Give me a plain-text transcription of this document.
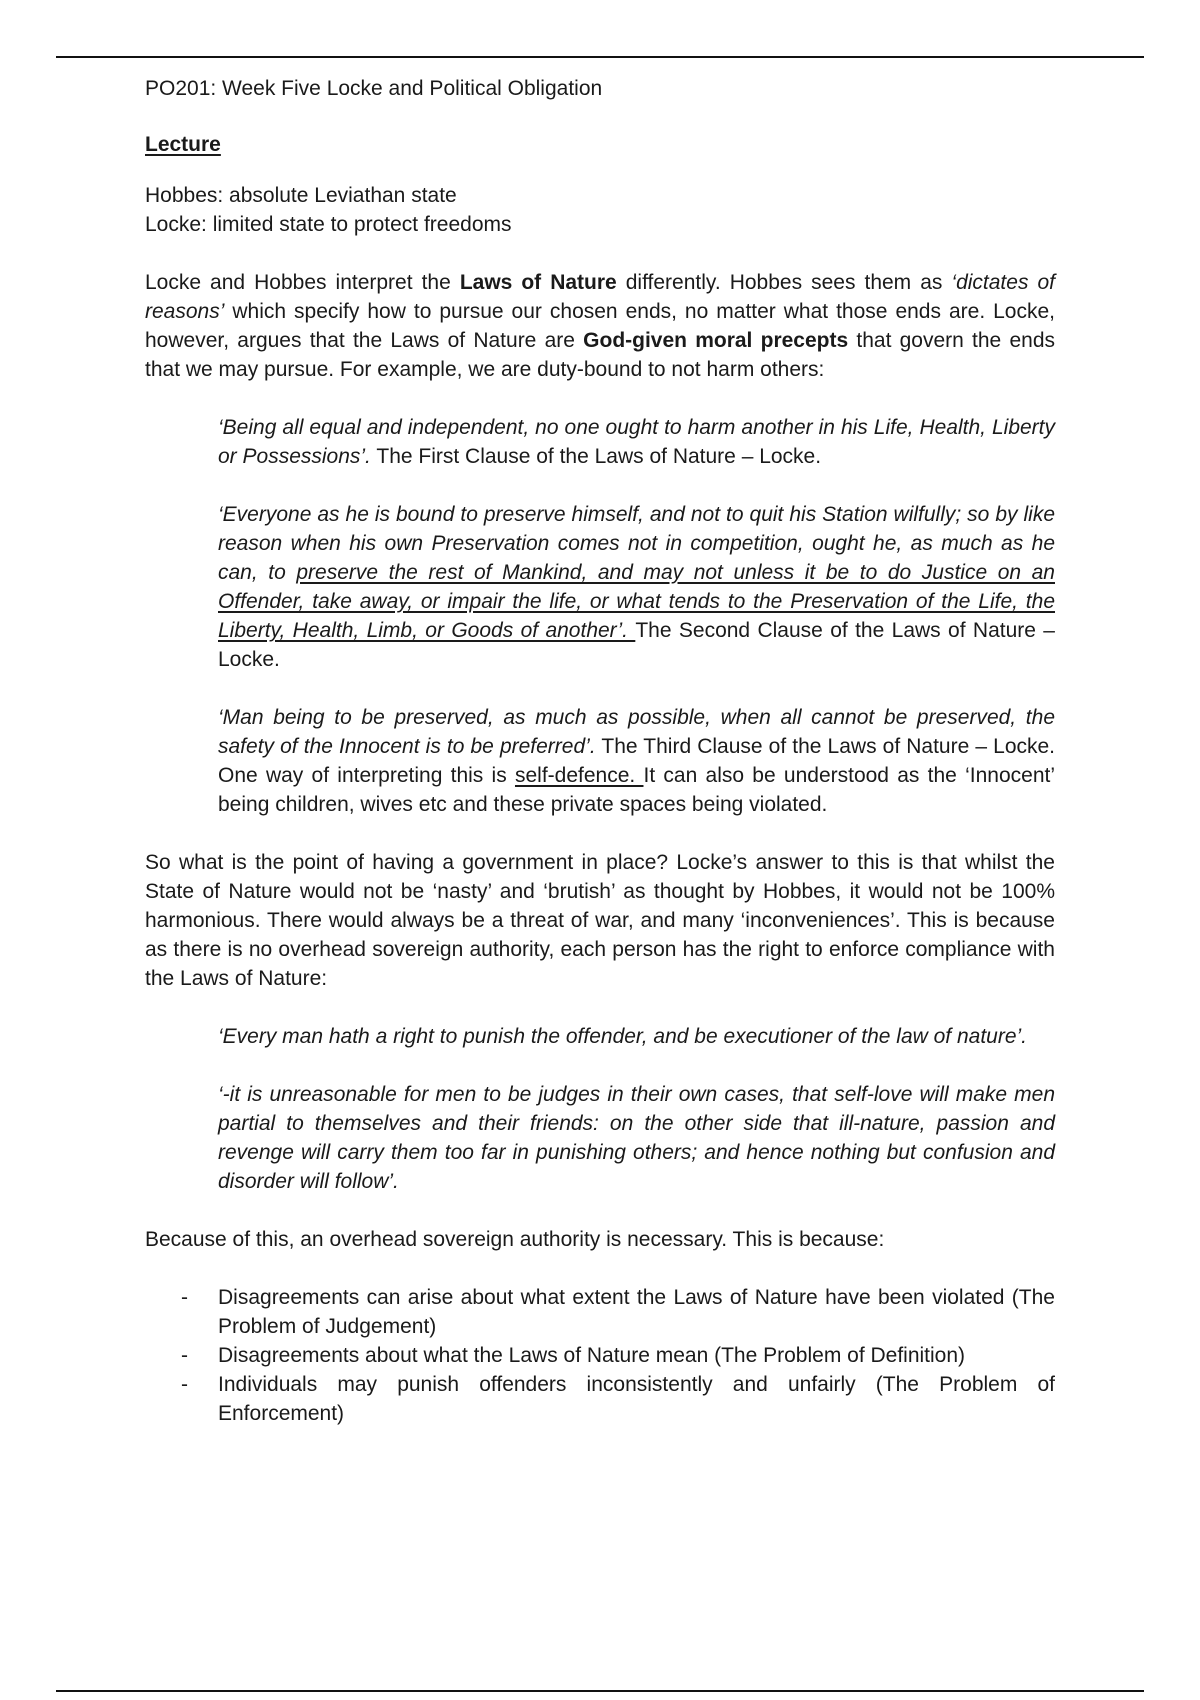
PO201: Week Five Locke and Political Obligation
Lecture
Hobbes: absolute Leviathan state
Locke: limited state to protect freedoms

Locke and Hobbes interpret the Laws of Nature differently. Hobbes sees them as ‘dictates of reasons’ which specify how to pursue our chosen ends, no matter what those ends are. Locke, however, argues that the Laws of Nature are God-given moral precepts that govern the ends that we may pursue. For example, we are duty-bound to not harm others:

‘Being all equal and independent, no one ought to harm another in his Life, Health, Liberty or Possessions’. The First Clause of the Laws of Nature – Locke.

‘Everyone as he is bound to preserve himself, and not to quit his Station wilfully; so by like reason when his own Preservation comes not in competition, ought he, as much as he can, to preserve the rest of Mankind, and may not unless it be to do Justice on an Offender, take away, or impair the life, or what tends to the Preservation of the Life, the Liberty, Health, Limb, or Goods of another’. The Second Clause of the Laws of Nature – Locke.

‘Man being to be preserved, as much as possible, when all cannot be preserved, the safety of the Innocent is to be preferred’. The Third Clause of the Laws of Nature – Locke. One way of interpreting this is self-defence. It can also be understood as the ‘Innocent’ being children, wives etc and these private spaces being violated.

So what is the point of having a government in place? Locke’s answer to this is that whilst the State of Nature would not be ‘nasty’ and ‘brutish’ as thought by Hobbes, it would not be 100% harmonious. There would always be a threat of war, and many ‘inconveniences’. This is because as there is no overhead sovereign authority, each person has the right to enforce compliance with the Laws of Nature:

‘Every man hath a right to punish the offender, and be executioner of the law of nature’.

‘-it is unreasonable for men to be judges in their own cases, that self-love will make men partial to themselves and their friends: on the other side that ill-nature, passion and revenge will carry them too far in punishing others; and hence nothing but confusion and disorder will follow’.

Because of this, an overhead sovereign authority is necessary. This is because:

- Disagreements can arise about what extent the Laws of Nature have been violated (The Problem of Judgement)
- Disagreements about what the Laws of Nature mean (The Problem of Definition)
- Individuals may punish offenders inconsistently and unfairly (The Problem of Enforcement)
